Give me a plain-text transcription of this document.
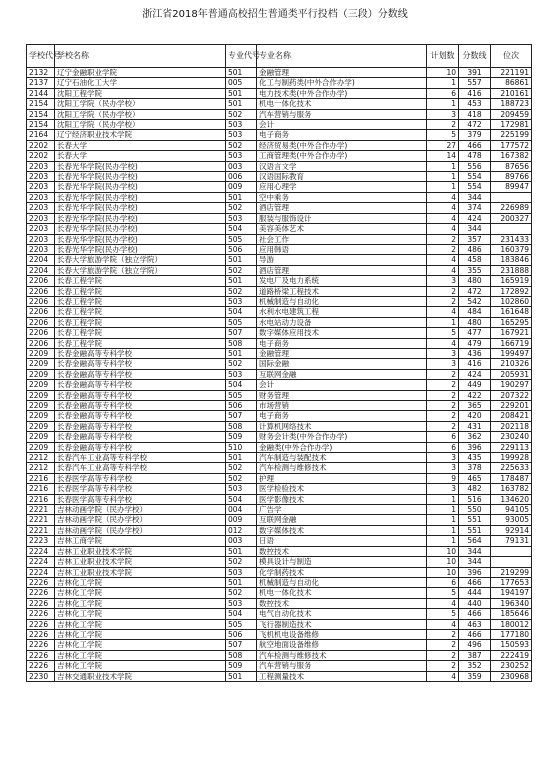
浙江省2018年普通高校招生普通类平行投档（三段）分数线
学校代号	学校名称	专业代号	专业名称	计划数	分数线	位次
2132	辽宁金融职业学院	501	金融管理	10	391	221191
2137	辽宁石油化工大学	005	化工与制药类(中外合作办学)	1	557	86861
2144	沈阳工程学院	501	电力技术类(中外合作办学)	6	416	210161
2154	沈阳工学院（民办学校）	501	机电一体化技术	1	453	188723
2154	沈阳工学院（民办学校）	502	汽车营销与服务	3	418	209459
2154	沈阳工学院（民办学校）	503	会计	2	472	172981
2164	辽宁经济职业技术学院	503	电子商务	5	379	225199
2202	长春大学	502	经济贸易类(中外合作办学)	27	466	177572
2202	长春大学	503	工商管理类(中外合作办学)	14	478	167382
2203	长春光华学院(民办学校)	003	汉语言文学	1	556	87656
2203	长春光华学院(民办学校)	006	汉语国际教育	1	554	89766
2203	长春光华学院(民办学校)	009	应用心理学	1	554	89947
2203	长春光华学院(民办学校)	501	空中乘务	4	344	
2203	长春光华学院(民办学校)	502	酒店管理	4	374	226989
2203	长春光华学院(民办学校)	503	服装与服饰设计	4	424	200327
2203	长春光华学院(民办学校)	504	美容美体艺术	4	344	
2203	长春光华学院(民办学校)	505	社会工作	2	357	231433
2203	长春光华学院(民办学校)	506	应用韩语	2	486	160379
2204	长春大学旅游学院（独立学院）	501	导游	4	458	183846
2204	长春大学旅游学院（独立学院）	502	酒店管理	4	355	231888
2206	长春工程学院	501	发电厂及电力系统	3	480	165919
2206	长春工程学院	502	道路桥梁工程技术	2	472	172892
2206	长春工程学院	503	机械制造与自动化	2	542	102860
2206	长春工程学院	504	水利水电建筑工程	4	484	161648
2206	长春工程学院	505	水电站动力设备	1	480	165295
2206	长春工程学院	507	数字媒体应用技术	5	477	167921
2206	长春工程学院	508	电子商务	4	479	166719
2209	长春金融高等专科学校	501	金融管理	3	436	199497
2209	长春金融高等专科学校	502	国际金融	3	416	210326
2209	长春金融高等专科学校	503	互联网金融	2	424	205931
2209	长春金融高等专科学校	504	会计	2	449	190297
2209	长春金融高等专科学校	505	财务管理	2	422	207322
2209	长春金融高等专科学校	506	市场营销	2	365	229201
2209	长春金融高等专科学校	507	电子商务	2	420	208421
2209	长春金融高等专科学校	508	计算机网络技术	2	431	202118
2209	长春金融高等专科学校	509	财务会计类(中外合作办学)	6	362	230240
2209	长春金融高等专科学校	510	金融类(中外合作办学)	6	396	229113
2212	长春汽车工业高等专科学校	501	汽车制造与装配技术	3	435	199928
2212	长春汽车工业高等专科学校	502	汽车检测与维修技术	3	378	225633
2216	长春医学高等专科学校	502	护理	9	465	178487
2216	长春医学高等专科学校	503	医学检验技术	3	482	163782
2216	长春医学高等专科学校	504	医学影像技术	1	516	134620
2221	吉林动画学院（民办学校）	004	广告学	1	550	94105
2221	吉林动画学院（民办学校）	009	互联网金融	1	551	93005
2221	吉林动画学院（民办学校）	012	数字媒体技术	1	551	92914
2223	吉林工商学院	003	日语	1	564	79131
2224	吉林工业职业技术学院	501	数控技术	10	344	
2224	吉林工业职业技术学院	502	模具设计与制造	10	344	
2224	吉林工业职业技术学院	503	化学制药技术	10	396	219299
2226	吉林化工学院	501	机械制造与自动化	6	466	177653
2226	吉林化工学院	502	机电一体化技术	5	444	194197
2226	吉林化工学院	503	数控技术	4	440	196340
2226	吉林化工学院	504	电气自动化技术	5	466	185646
2226	吉林化工学院	505	飞行器制造技术	4	463	180012
2226	吉林化工学院	506	飞机机电设备维修	2	466	177180
2226	吉林化工学院	507	航空地面设备维修	2	496	150593
2226	吉林化工学院	508	汽车检测与维修技术	2	387	222419
2226	吉林化工学院	509	汽车营销与服务	2	352	230252
2230	吉林交通职业技术学院	501	工程测量技术	4	359	230968
